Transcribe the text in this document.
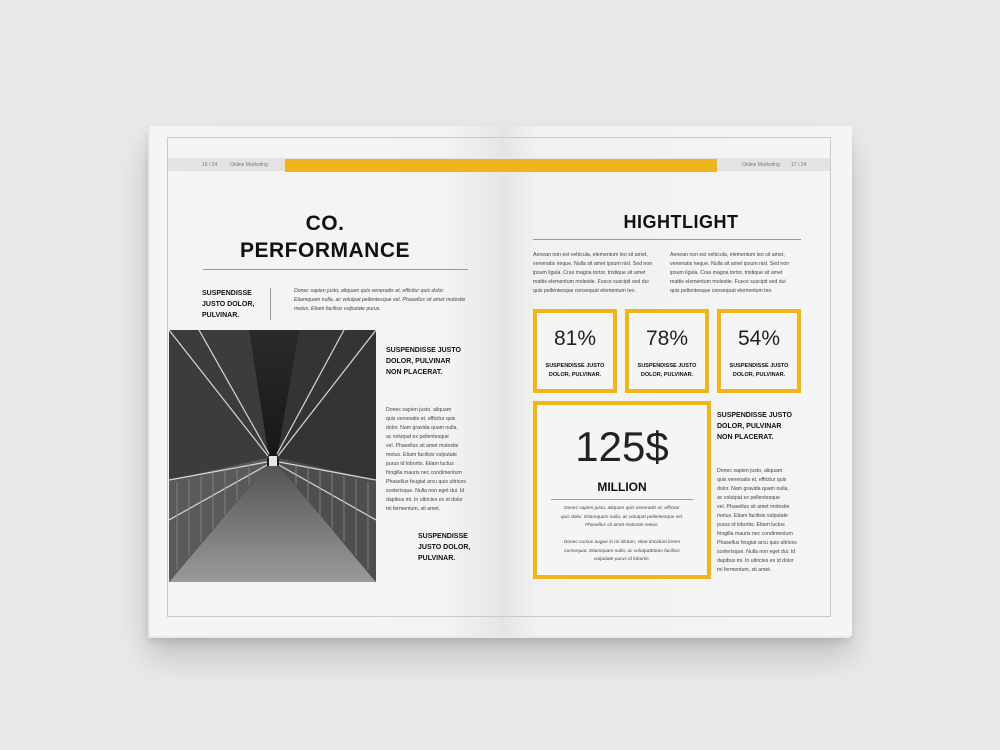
16 / 24	Online Marketing
CO.
PERFORMANCE
SUSPENDISSE
JUSTO DOLOR,
PULVINAR.
Donec sapien justo, aliquam quis venenatis et, efficitur quis dolor.
Etiamquam nulla, ac volutpat pellentesque vel. Phasellus sit amet molestie
metus. Etiam facilisis vulputate purus.
SUSPENDISSE JUSTO
DOLOR, PULVINAR
NON PLACERAT.
Donec sapien justo, aliquam
quis venenatis et, efficitur quis
dolor. Nam gravida quam nulla,
ac volutpat ex pellentesque
vel. Phasellus sit amet molestie
metus. Etiam facilisis vulputate
purus id lobortis. Etiam luctus
fringilla mauris nec condimentum
Phasellus feugiat arcu quis ultrices
scelerisque. Nulla non eget dui. Id
dapibus mi. In ultricies ex id dolor
mi fermentum, sit amet.
SUSPENDISSE
JUSTO DOLOR,
PULVINAR.
Online Marketing 17 / 24
HIGHTLIGHT
Aenean non est vehicula, elementum leo sit amet,
venenatis neque. Nulla sit amet ipsum nisl. Sed non
ipsum ligula. Cras magna tortor, tristique sit amet
mattis elementum molestie. Fusce suscipit sed dui
quis pellentesque consequat elementum leo.
Aenean non est vehicula, elementum leo sit amet,
venenatis neque. Nulla sit amet ipsum nisl. Sed non
ipsum ligula. Cras magna tortor, tristique sit amet
mattis elementum molestie. Fusce suscipit sed dui
quis pellentesque consequat elementum leo.
81%
SUSPENDISSE JUSTO
DOLOR, PULVINAR.
78%
SUSPENDISSE JUSTO
DOLOR, PULVINAR.
54%
SUSPENDISSE JUSTO
DOLOR, PULVINAR.
125$
MILLION
Donec sapien justo, aliquam quis venenatis et, efficitur
quis dolor. Etiamquam nulla, ac volutpat pellentesque vel.
Phasellus sit amet molestie metus.
Donec cursus augue in mi dictum, vitae tincidunt lorem
consequat. Etiamquam nulla, ac volutpatEtiam facilisis
vulputate purus id lobortis.
SUSPENDISSE JUSTO
DOLOR, PULVINAR
NON PLACERAT.
Donec sapien justo, aliquam
quis venenatis et, efficitur quis
dolor. Nam gravida quam nulla,
ac volutpat ex pellentesque
vel. Phasellus sit amet molestie
metus. Etiam facilisis vulputate
purus id lobortis. Etiam luctus
fringilla mauris nec condimentum
Phasellus feugiat arcu quis ultrices
scelerisque. Nulla non eget dui. Id
dapibus mi. In ultricies ex id dolor
mi fermentum, sit amet.
